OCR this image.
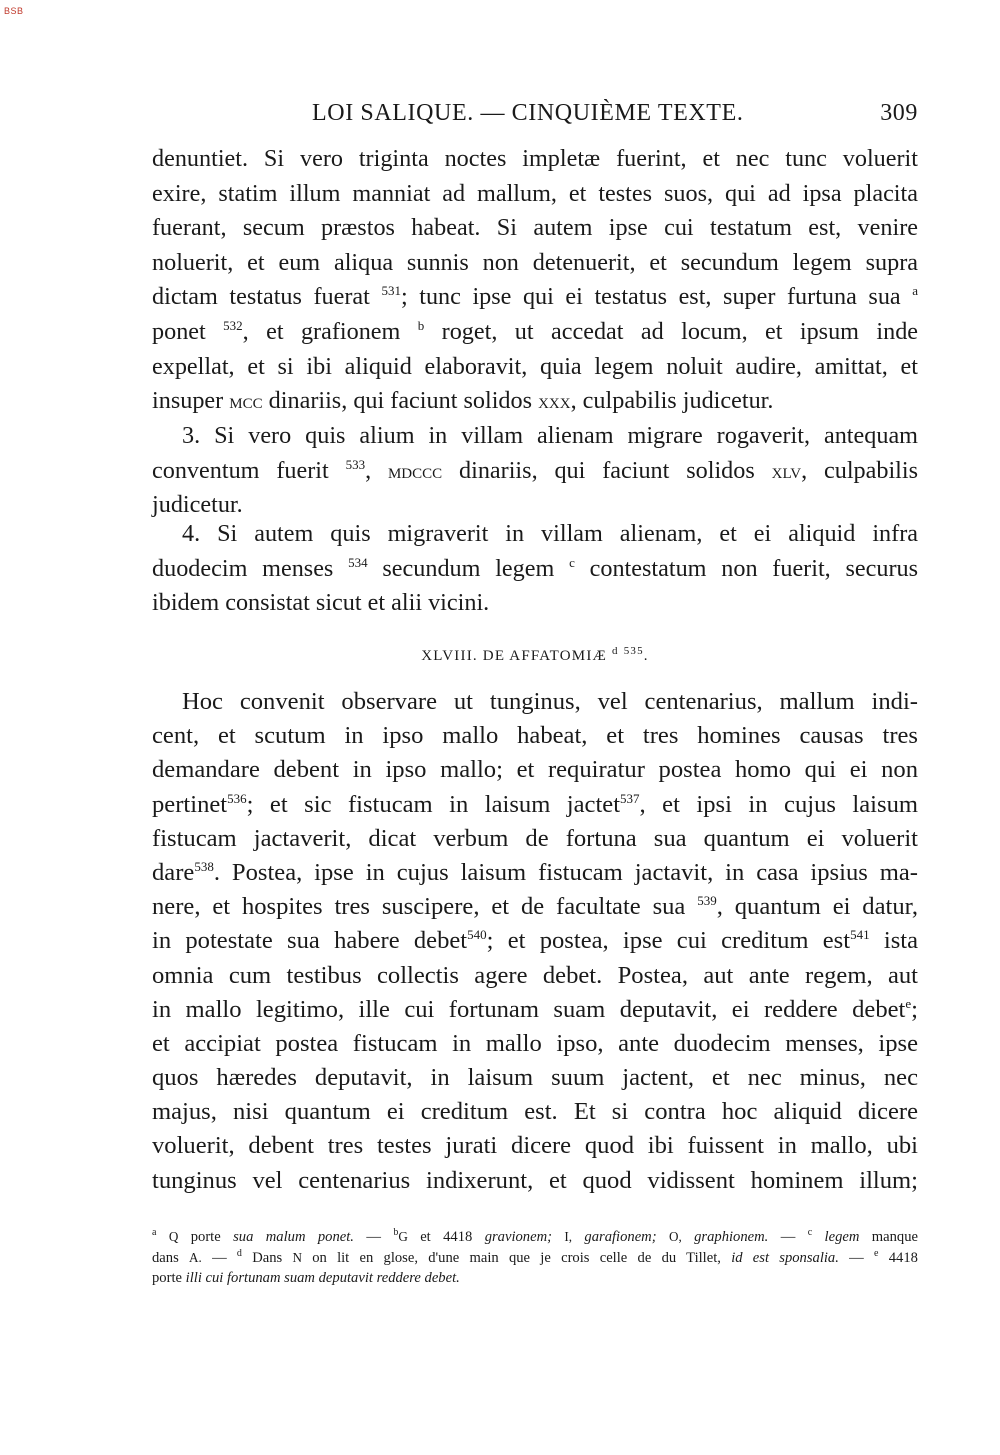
BSB
LOI SALIQUE. — CINQUIÈME TEXTE.	309
denuntiet. Si vero triginta noctes impletæ fuerint, et nec tunc voluerit
exire, statim illum manniat ad mallum, et testes suos, qui ad ipsa placita
fuerant, secum præstos habeat. Si autem ipse cui testatum est, venire
noluerit, et eum aliqua sunnis non detenuerit, et secundum legem supra
dictam testatus fuerat $^{531}$; tunc ipse qui ei testatus est, super furtuna sua $^a$
ponet $^{532}$, et grafionem $^b$ roget, ut accedat ad locum, et ipsum inde
expellat, et si ibi aliquid elaboravit, quia legem noluit audire, amittat, et
insuper mcc dinariis, qui faciunt solidos xxx, culpabilis judicetur.
3. Si vero quis alium in villam alienam migrare rogaverit, antequam
conventum fuerit $^{533}$, mdccc dinariis, qui faciunt solidos xlv, culpabilis
judicetur.
4. Si autem quis migraverit in villam alienam, et ei aliquid infra
duodecim menses $^{534}$ secundum legem $^c$ contestatum non fuerit, securus
ibidem consistat sicut et alii vicini.
XLVIII. DE AFFATOMIÆ $^d$ $^{535}$.
Hoc convenit observare ut tunginus, vel centenarius, mallum indi-
cent, et scutum in ipso mallo habeat, et tres homines causas tres
demandare debent in ipso mallo; et requiratur postea homo qui ei non
pertinet$^{536}$; et sic fistucam in laisum jactet$^{537}$, et ipsi in cujus laisum
fistucam jactaverit, dicat verbum de fortuna sua quantum ei voluerit
dare$^{538}$. Postea, ipse in cujus laisum fistucam jactavit, in casa ipsius ma-
nere, et hospites tres suscipere, et de facultate sua $^{539}$, quantum ei datur,
in potestate sua habere debet$^{540}$; et postea, ipse cui creditum est$^{541}$ ista
omnia cum testibus collectis agere debet. Postea, aut ante regem, aut
in mallo legitimo, ille cui fortunam suam deputavit, ei reddere debet$^e$;
et accipiat postea fistucam in mallo ipso, ante duodecim menses, ipse
quos hæredes deputavit, in laisum suum jactent, et nec minus, nec
majus, nisi quantum ei creditum est. Et si contra hoc aliquid dicere
voluerit, debent tres testes jurati dicere quod ibi fuissent in mallo, ubi
tunginus vel centenarius indixerunt, et quod vidissent hominem illum;
$^a$ Q porte sua malum ponet. — $^b$G et 4418 gravionem; I, garafionem; O, graphionem. — $^c$ legem manque
dans A. — $^d$ Dans N on lit en glose, d'une main que je crois celle de du Tillet, id est sponsalia. — $^e$ 4418
porte illi cui fortunam suam deputavit reddere debet.
